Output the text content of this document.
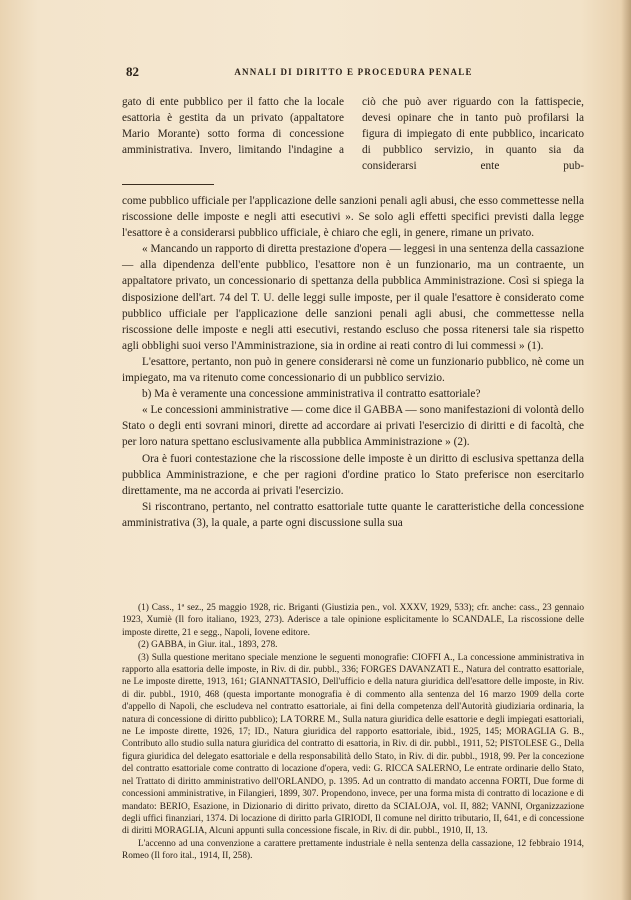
82	ANNALI DI DIRITTO E PROCEDURA PENALE
gato di ente pubblico per il fatto che la locale esattoria è gestita da un privato (appaltatore Mario Morante) sotto forma di concessione amministrativa. Invero, limitando l'indagine a
ciò che può aver riguardo con la fattispecie, devesi opinare che in tanto può profilarsi la figura di impiegato di ente pubblico, incaricato di pubblico servizio, in quanto sia da considerarsi ente pub-

come pubblico ufficiale per l'applicazione delle sanzioni penali agli abusi, che esso commettesse nella riscossione delle imposte e negli atti esecutivi ». Se solo agli effetti specifici previsti dalla legge l'esattore è a considerarsi pubblico ufficiale, è chiaro che egli, in genere, rimane un privato.

« Mancando un rapporto di diretta prestazione d'opera — leggesi in una sentenza della cassazione — alla dipendenza dell'ente pubblico, l'esattore non è un funzionario, ma un contraente, un appaltatore privato, un concessionario di spettanza della pubblica Amministrazione. Così si spiega la disposizione dell'art. 74 del T. U. delle leggi sulle imposte, per il quale l'esattore è considerato come pubblico ufficiale per l'applicazione delle sanzioni penali agli abusi, che commettesse nella riscossione delle imposte e negli atti esecutivi, restando escluso che possa ritenersi tale sia rispetto agli obblighi suoi verso l'Amministrazione, sia in ordine ai reati contro di lui commessi » (1).

L'esattore, pertanto, non può in genere considerarsi nè come un funzionario pubblico, nè come un impiegato, ma va ritenuto come concessionario di un pubblico servizio.

b) Ma è veramente una concessione amministrativa il contratto esattoriale?

« Le concessioni amministrative — come dice il GABBA — sono manifestazioni di volontà dello Stato o degli enti sovrani minori, dirette ad accordare ai privati l'esercizio di diritti e di facoltà, che per loro natura spettano esclusivamente alla pubblica Amministrazione » (2).

Ora è fuori contestazione che la riscossione delle imposte è un diritto di esclusiva spettanza della pubblica Amministrazione, e che per ragioni d'ordine pratico lo Stato preferisce non esercitarlo direttamente, ma ne accorda ai privati l'esercizio.

Si riscontrano, pertanto, nel contratto esattoriale tutte quante le caratteristiche della concessione amministrativa (3), la quale, a parte ogni discussione sulla sua

(1) Cass., 1ª sez., 25 maggio 1928, ric. Briganti (Giustizia pen., vol. XXXV, 1929, 533); cfr. anche: cass., 23 gennaio 1923, Xumiè (Il foro italiano, 1923, 273). Aderisce a tale opinione esplicitamente lo SCANDALE, La riscossione delle imposte dirette, 21 e segg., Napoli, Iovene editore.

(2) GABBA, in Giur. ital., 1893, 278.

(3) Sulla questione meritano speciale menzione le seguenti monografie: CIOFFI A., La concessione amministrativa in rapporto alla esattoria delle imposte, in Riv. di dir. pubbl., 336; FORGES DAVANZATI E., Natura del contratto esattoriale, ne Le imposte dirette, 1913, 161; GIANNATTASIO, Dell'ufficio e della natura giuridica dell'esattore delle imposte, in Riv. di dir. pubbl., 1910, 468 (questa importante monografia è di commento alla sentenza del 16 marzo 1909 della corte d'appello di Napoli, che escludeva nel contratto esattoriale, ai fini della competenza dell'Autorità giudiziaria ordinaria, la natura di concessione di diritto pubblico); LA TORRE M., Sulla natura giuridica delle esattorie e degli impiegati esattoriali, ne Le imposte dirette, 1926, 17; ID., Natura giuridica del rapporto esattoriale, ibid., 1925, 145; MORAGLIA G. B., Contributo allo studio sulla natura giuridica del contratto di esattoria, in Riv. di dir. pubbl., 1911, 52; PISTOLESE G., Della figura giuridica del delegato esattoriale e della responsabilità dello Stato, in Riv. di dir. pubbl., 1918, 99. Per la concezione del contratto esattoriale come contratto di locazione d'opera, vedi: G. RICCA SALERNO, Le entrate ordinarie dello Stato, nel Trattato di diritto amministrativo dell'ORLANDO, p. 1395. Ad un contratto di mandato accenna FORTI, Due forme di concessioni amministrative, in Filangieri, 1899, 307. Propendono, invece, per una forma mista di contratto di locazione e di mandato: BERIO, Esazione, in Dizionario di diritto privato, diretto da SCIALOJA, vol. II, 882; VANNI, Organizzazione degli uffici finanziari, 1374. Di locazione di diritto parla GIRIODI, Il comune nel diritto tributario, II, 641, e di concessione di diritti MORAGLIA, Alcuni appunti sulla concessione fiscale, in Riv. di dir. pubbl., 1910, II, 13.

L'accenno ad una convenzione a carattere prettamente industriale è nella sentenza della cassazione, 12 febbraio 1914, Romeo (Il foro ital., 1914, II, 258).
